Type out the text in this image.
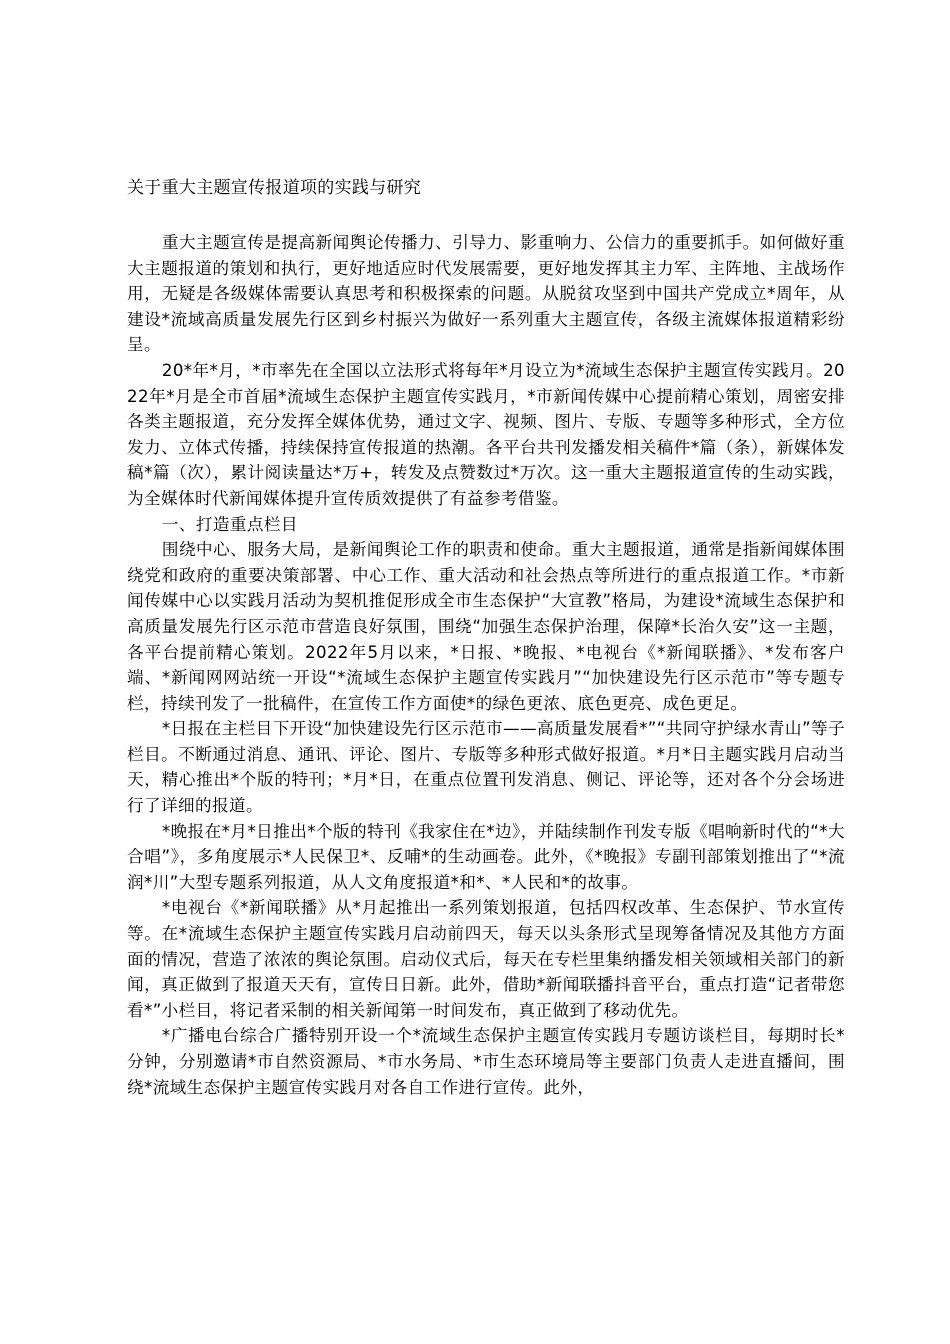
关于重大主题宣传报道项的实践与研究

重大主题宣传是提高新闻舆论传播力、引导力、影重响力、公信力的重要抓手。如何做好重大主题报道的策划和执行，更好地适应时代发展需要，更好地发挥其主力军、主阵地、主战场作用，无疑是各级媒体需要认真思考和积极探索的问题。从脱贫攻坚到中国共产党成立*周年，从建设*流域高质量发展先行区到乡村振兴为做好一系列重大主题宣传，各级主流媒体报道精彩纷呈。

20*年*月，*市率先在全国以立法形式将每年*月设立为*流域生态保护主题宣传实践月。2022年*月是全市首届*流域生态保护主题宣传实践月，*市新闻传媒中心提前精心策划，周密安排各类主题报道，充分发挥全媒体优势，通过文字、视频、图片、专版、专题等多种形式，全方位发力、立体式传播，持续保持宣传报道的热潮。各平台共刊发播发相关稿件*篇（条），新媒体发稿*篇（次），累计阅读量达*万+，转发及点赞数过*万次。这一重大主题报道宣传的生动实践，为全媒体时代新闻媒体提升宣传质效提供了有益参考借鉴。

一、打造重点栏目

围绕中心、服务大局，是新闻舆论工作的职责和使命。重大主题报道，通常是指新闻媒体围绕党和政府的重要决策部署、中心工作、重大活动和社会热点等所进行的重点报道工作。*市新闻传媒中心以实践月活动为契机推促形成全市生态保护“大宣教”格局，为建设*流域生态保护和高质量发展先行区示范市营造良好氛围，围绕“加强生态保护治理，保障*长治久安”这一主题，各平台提前精心策划。2022年5月以来，*日报、*晚报、*电视台《*新闻联播》、*发布客户端、*新闻网网站统一开设“*流域生态保护主题宣传实践月”“加快建设先行区示范市”等专题专栏，持续刊发了一批稿件，在宣传工作方面使*的绿色更浓、底色更亮、成色更足。

*日报在主栏目下开设“加快建设先行区示范市——高质量发展看*”“共同守护绿水青山”等子栏目。不断通过消息、通讯、评论、图片、专版等多种形式做好报道。*月*日主题实践月启动当天，精心推出*个版的特刊；*月*日，在重点位置刊发消息、侧记、评论等，还对各个分会场进行了详细的报道。

*晚报在*月*日推出*个版的特刊《我家住在*边》，并陆续制作刊发专版《唱响新时代的“*大合唱”》，多角度展示*人民保卫*、反哺*的生动画卷。此外，《*晚报》专副刊部策划推出了“*流润*川”大型专题系列报道，从人文角度报道*和*、*人民和*的故事。

*电视台《*新闻联播》从*月起推出一系列策划报道，包括四权改革、生态保护、节水宣传等。在*流域生态保护主题宣传实践月启动前四天，每天以头条形式呈现筹备情况及其他方方面面的情况，营造了浓浓的舆论氛围。启动仪式后，每天在专栏里集纳播发相关领域相关部门的新闻，真正做到了报道天天有，宣传日日新。此外，借助*新闻联播抖音平台，重点打造“记者带您看*”小栏目，将记者采制的相关新闻第一时间发布，真正做到了移动优先。

*广播电台综合广播特别开设一个*流域生态保护主题宣传实践月专题访谈栏目，每期时长*分钟，分别邀请*市自然资源局、*市水务局、*市生态环境局等主要部门负责人走进直播间，围绕*流域生态保护主题宣传实践月对各自工作进行宣传。此外，
